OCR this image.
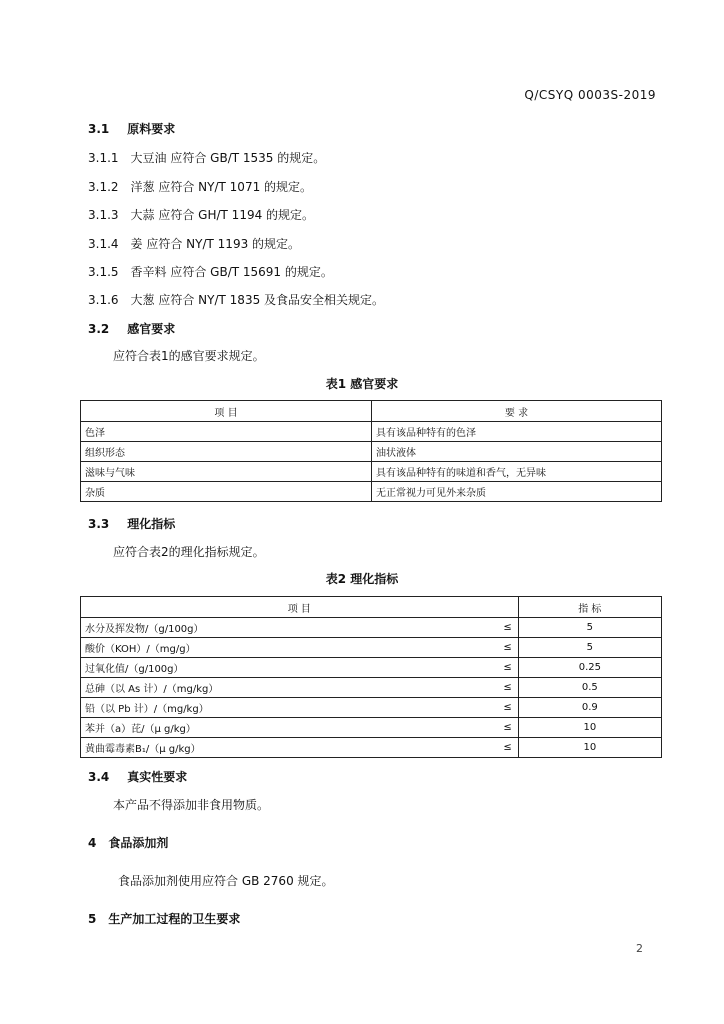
Q/CSYQ 0003S-2019
3.1 原料要求
3.1.1 大豆油 应符合 GB/T 1535 的规定。
3.1.2 洋葱 应符合 NY/T 1071 的规定。
3.1.3 大蒜 应符合 GH/T 1194 的规定。
3.1.4 姜 应符合 NY/T 1193 的规定。
3.1.5 香辛料 应符合 GB/T 15691 的规定。
3.1.6 大葱 应符合 NY/T 1835 及食品安全相关规定。
3.2 感官要求
应符合表1的感官要求规定。
表1 感官要求
项 目	要 求
色泽	具有该品种特有的色泽
组织形态	油状液体
滋味与气味	具有该品种特有的味道和香气，无异味
杂质	无正常视力可见外来杂质
3.3 理化指标
应符合表2的理化指标规定。
表2 理化指标
项 目		指 标
水分及挥发物/（g/100g）	≤	5
酸价（KOH）/（mg/g）	≤	5
过氧化值/（g/100g）	≤	0.25
总砷（以 As 计）/（mg/kg）	≤	0.5
铅（以 Pb 计）/（mg/kg）	≤	0.9
苯并（a）芘/（μ g/kg）	≤	10
黄曲霉毒素B₁/（μ g/kg）	≤	10
3.4 真实性要求
本产品不得添加非食用物质。
4 食品添加剂
食品添加剂使用应符合 GB 2760 规定。
5 生产加工过程的卫生要求
2
